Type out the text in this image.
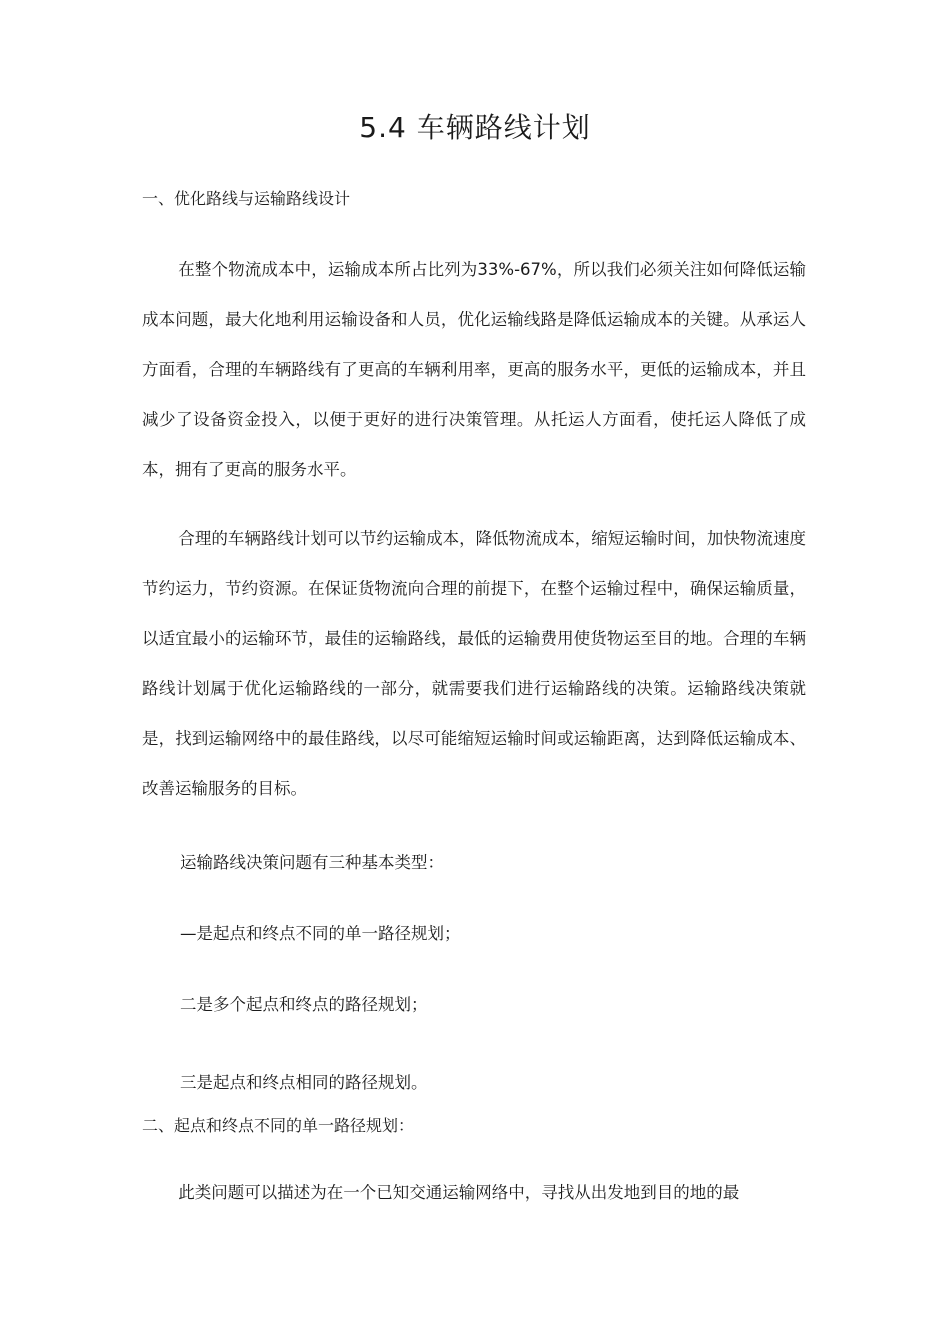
5.4 车辆路线计划
一、优化路线与运输路线设计

在整个物流成本中，运输成本所占比列为33%-67%，所以我们必须关注如何降低运输成本问题，最大化地利用运输设备和人员，优化运输线路是降低运输成本的关键。从承运人方面看，合理的车辆路线有了更高的车辆利用率，更高的服务水平，更低的运输成本，并且减少了设备资金投入，以便于更好的进行决策管理。从托运人方面看，使托运人降低了成本，拥有了更高的服务水平。

合理的车辆路线计划可以节约运输成本，降低物流成本，缩短运输时间，加快物流速度节约运力，节约资源。在保证货物流向合理的前提下，在整个运输过程中，确保运输质量，以适宜最小的运输环节，最佳的运输路线，最低的运输费用使货物运至目的地。合理的车辆路线计划属于优化运输路线的一部分，就需要我们进行运输路线的决策。运输路线决策就是，找到运输网络中的最佳路线，以尽可能缩短运输时间或运输距离，达到降低运输成本、改善运输服务的目标。

运输路线决策问题有三种基本类型：

—是起点和终点不同的单一路径规划；

二是多个起点和终点的路径规划；

三是起点和终点相同的路径规划。

二、起点和终点不同的单一路径规划：

此类问题可以描述为在一个已知交通运输网络中，寻找从出发地到目的地的最
